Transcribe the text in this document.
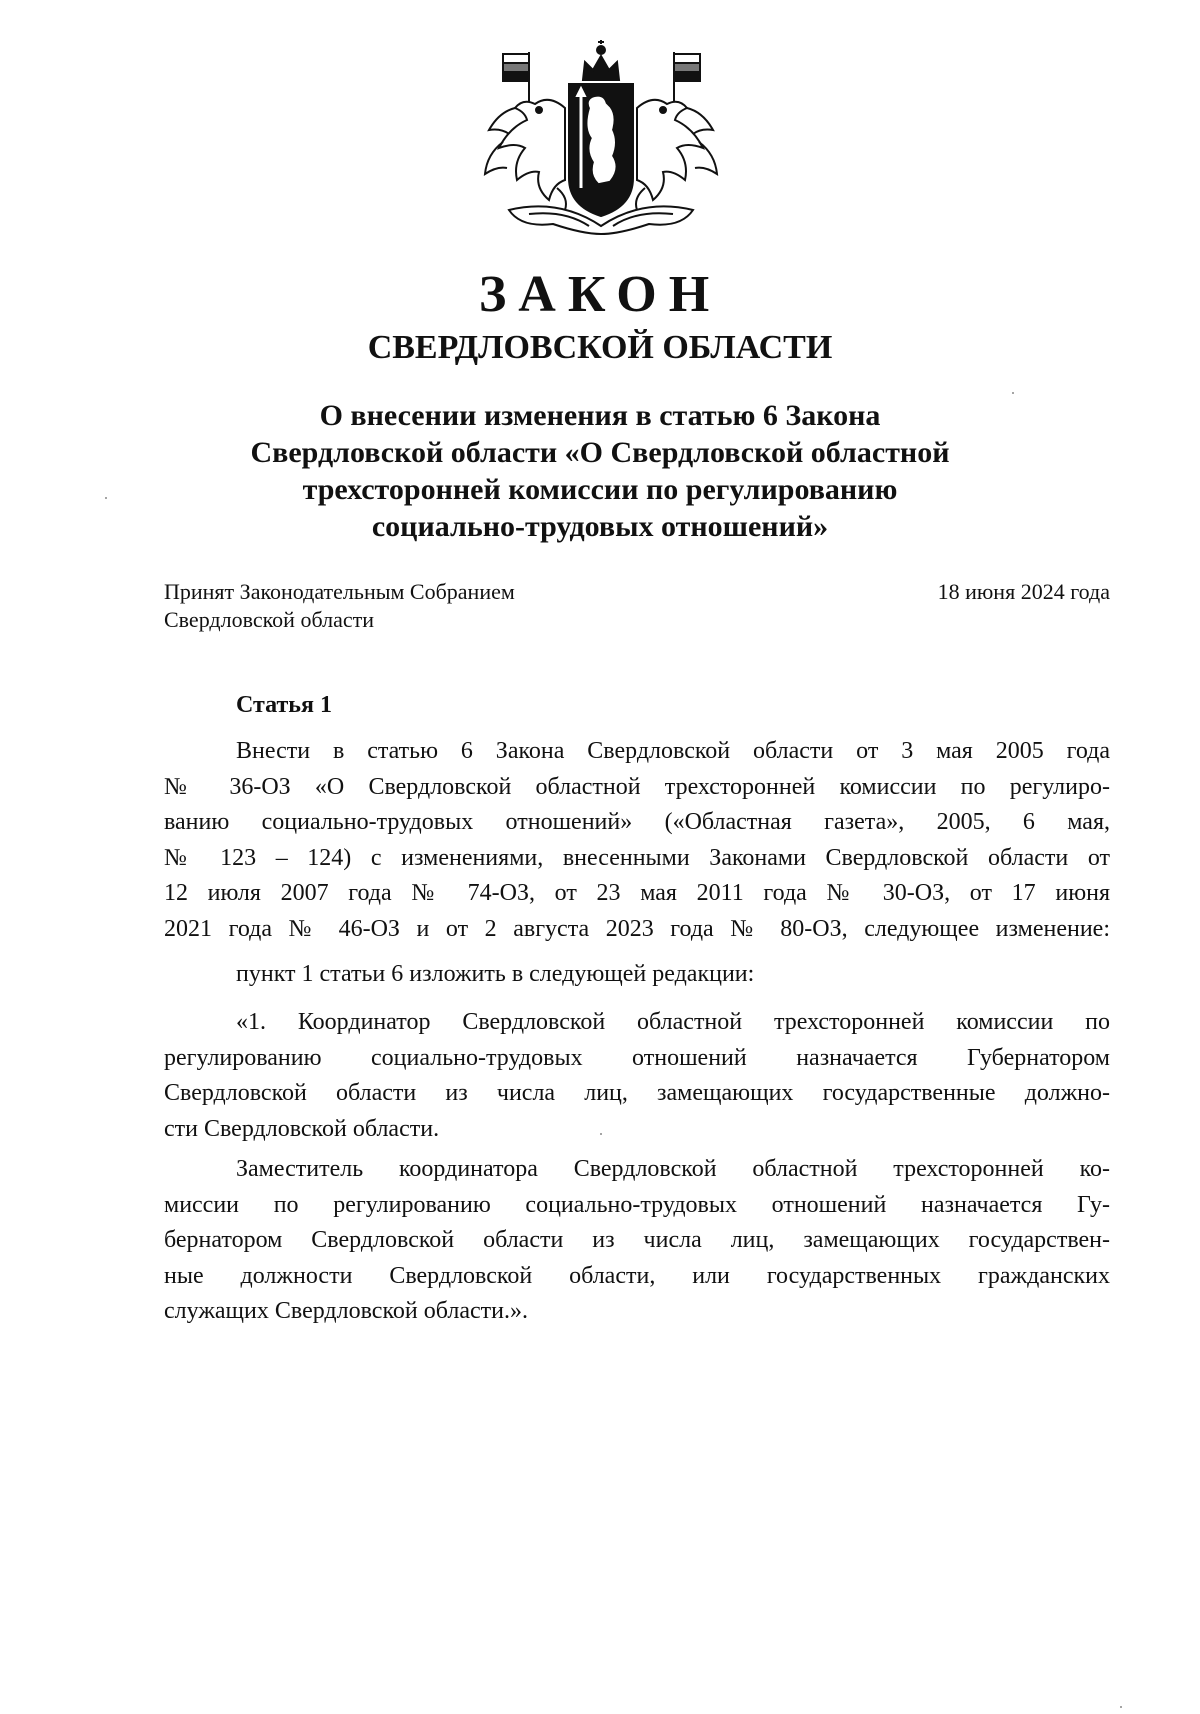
ЗАКОН
СВЕРДЛОВСКОЙ ОБЛАСТИ
О внесении изменения в статью 6 Закона
Свердловской области «О Свердловской областной
трехсторонней комиссии по регулированию
социально-трудовых отношений»
Принят Законодательным Собранием
Свердловской области
18 июня 2024 года
Статья 1
Внести в статью 6 Закона Свердловской области от 3 мая 2005 года
№ 36-ОЗ «О Свердловской областной трехсторонней комиссии по регулиро-
ванию социально-трудовых отношений» («Областная газета», 2005, 6 мая,
№ 123 – 124) с изменениями, внесенными Законами Свердловской области от
12 июля 2007 года № 74-ОЗ, от 23 мая 2011 года № 30-ОЗ, от 17 июня
2021 года № 46-ОЗ и от 2 августа 2023 года № 80-ОЗ, следующее изменение:
пункт 1 статьи 6 изложить в следующей редакции:
«1. Координатор Свердловской областной трехсторонней комиссии по
регулированию социально-трудовых отношений назначается Губернатором
Свердловской области из числа лиц, замещающих государственные должно-
сти Свердловской области.
Заместитель координатора Свердловской областной трехсторонней ко-
миссии по регулированию социально-трудовых отношений назначается Гу-
бернатором Свердловской области из числа лиц, замещающих государствен-
ные должности Свердловской области, или государственных гражданских
служащих Свердловской области.».
